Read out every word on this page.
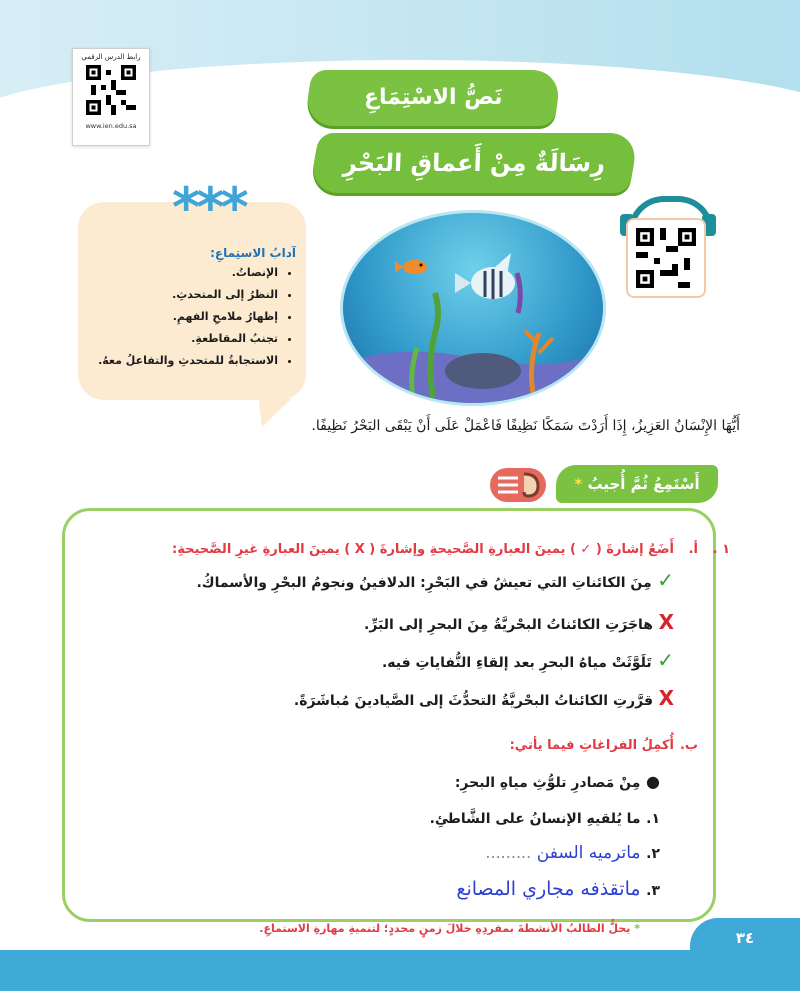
رابط الدرس الرقمي
www.ien.edu.sa
نَصُّ الاسْتِمَاعِ
رِسَالَةٌ مِنْ أَعماقِ البَحْرِ
***
آدابُ الاستِماعِ:
• الإنصاتُ.
• النظرُ إلى المتحدثِ.
• إظهارُ ملامحِ الفهمِ.
• تجنبُ المقاطعةِ.
• الاستجابةُ للمتحدثِ والتفاعلُ معهُ.
أَيُّهَا الإِنْسَانُ العَزِيزُ، إِذَا أَرَدْتَ سَمَكًا نَظِيفًا فَاعْمَلْ عَلَى أَنْ يَبْقَى البَحْرُ نَظِيفًا.
أَسْتَمِعُ ثُمَّ أُجيبُ *
١ .
أ.
أَضَعُ إشارةَ ( ✓ ) يمينَ العبارةِ الصَّحيحةِ وإشارةَ ( X ) يمينَ العبارةِ غيرِ الصَّحيحةِ:
✓ مِنَ الكائناتِ التي تعيشُ في البَحْرِ: الدلافينُ ونجومُ البحْرِ والأسماكُ.
X هاجَرَتِ الكائناتُ البحْريَّةُ مِنَ البحرِ إلى البَرِّ.
✓ تَلَوَّثَتْ مياهُ البحرِ بعد إلقاءِ النُّفاياتِ فيه.
X قرَّرتِ الكائناتُ البحْريَّةُ التحدُّثَ إلى الصَّيادينَ مُباشَرَةً.
ب.
أُكمِلُ الفراغاتِ فيما يأتي:
● مِنْ مَصادرِ تلوُّثِ مياهِ البحرِ:
١. ما يُلقيهِ الإنسانُ على الشَّاطئِ.
٢. ماترميه السفن .........
٣. ماتقذفه مجاري المصانع
* يحلُّ الطالبُ الأنشطةَ بمفردِهِ خلالَ زمنٍ محددٍ؛ لتنميةِ مهارةِ الاستماعِ.
٣٤
